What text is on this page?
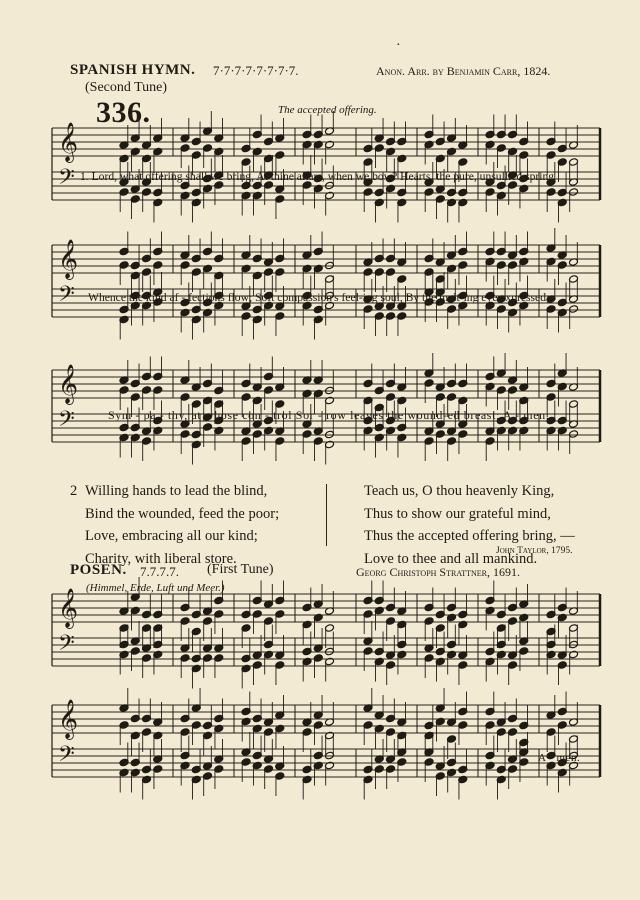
·
SPANISH HYMN. 7·7·7·7·7·7·7·7.
(Second Tune)
Anon. Arr. by Benjamin Carr, 1824.
336.	The accepted offering.
𝄞
𝄢
𝄞
𝄢
𝄞
𝄢
𝄞
𝄢
𝄞
𝄢
1. Lord, what offering shall we bring, At thine altars, when we bow? Hearts, the pure, unsullied spring
Whence the kind af - fections flow; Soft compassion's feel-ing soul, By the melt-ing eye expressed;
Sym - pa - thy, at whose con - trol Sor - row leaves the wound-ed breast; A - men.
2 Willing hands to lead the blind,
Bind the wounded, feed the poor;
Love, embracing all our kind;
Charity, with liberal store.
Teach us, O thou heavenly King,
Thus to show our grateful mind,
Thus the accepted offering bring, —
Love to thee and all mankind.
John Taylor, 1795.
POSEN. 7.7.7.7. (First Tune)	Georg Christoph Strattner, 1691.
(Himmel, Erde, Luft und Meer.)
A - men.
